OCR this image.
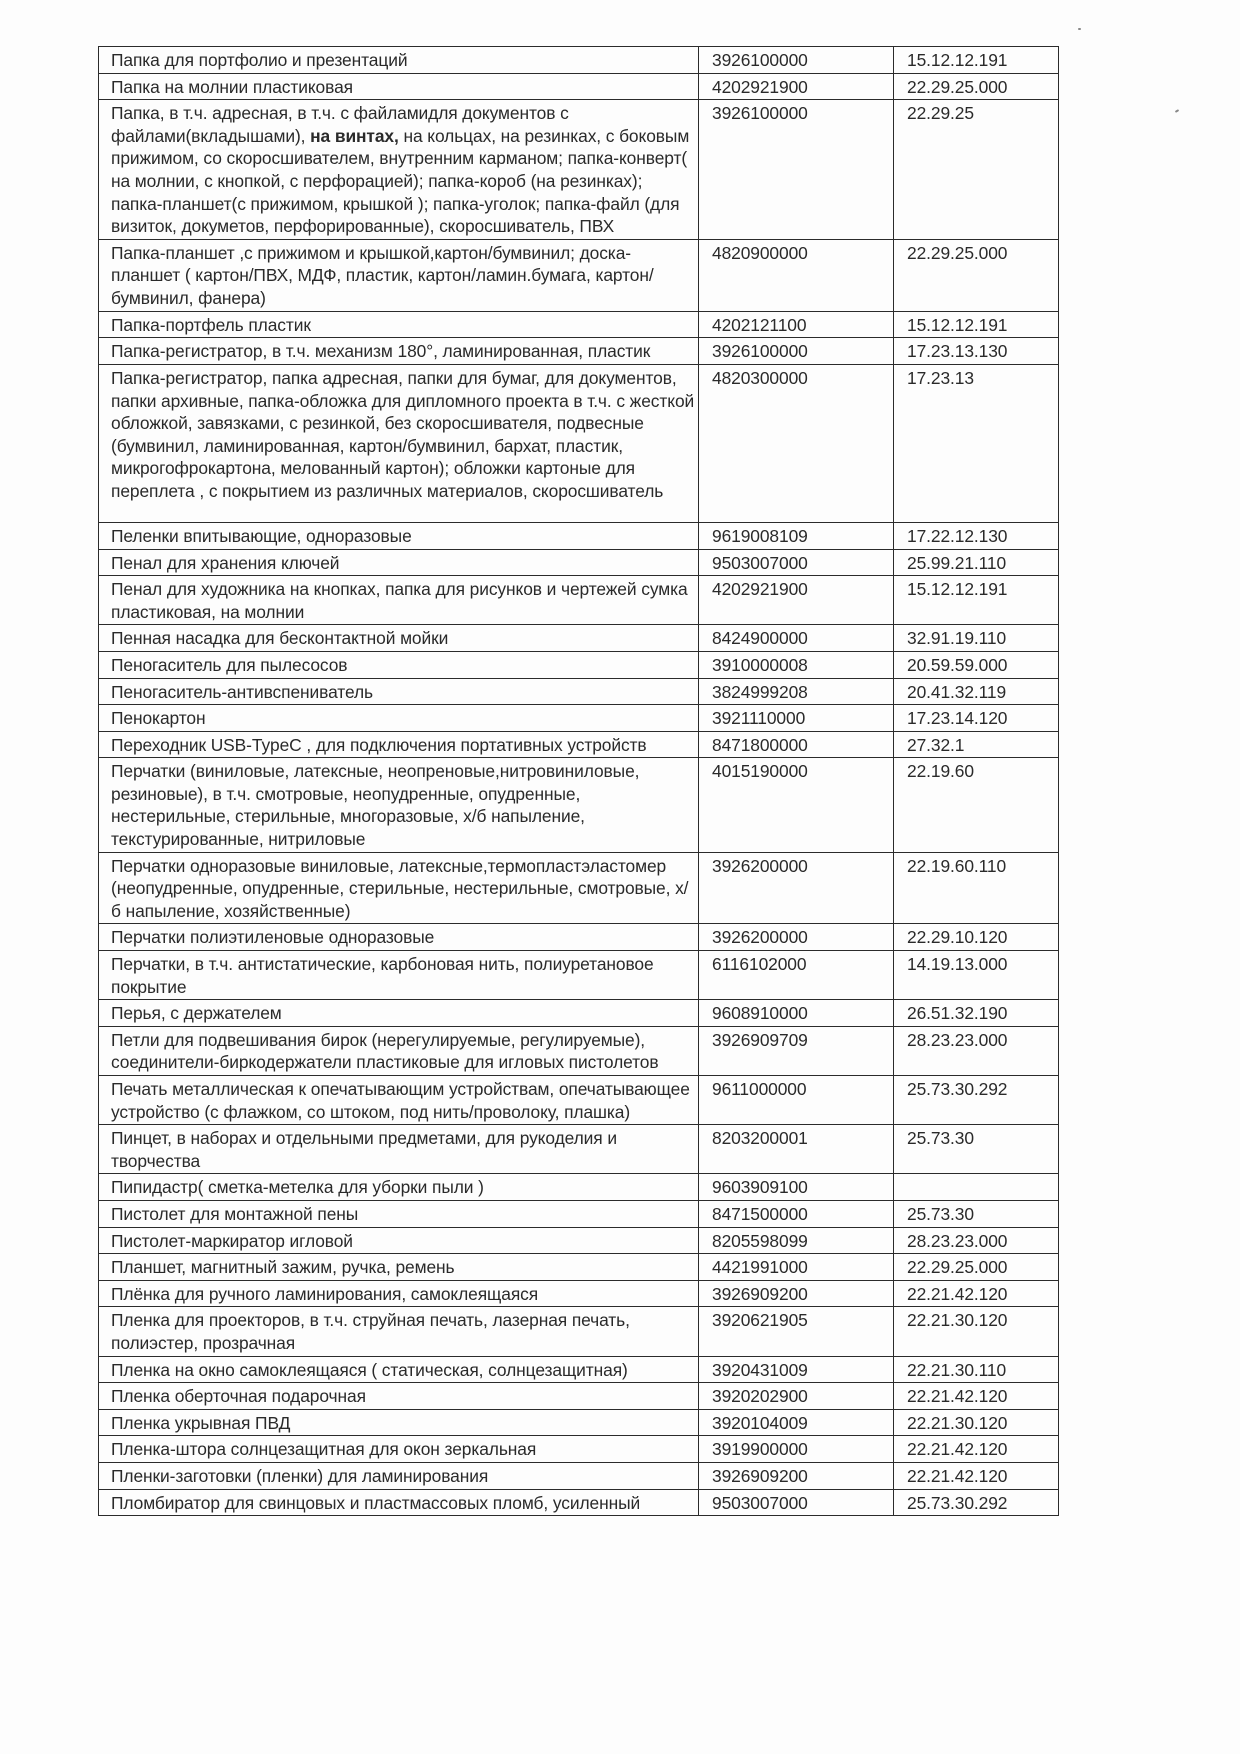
Папка для портфолио и презентаций	3926100000	15.12.12.191
Папка на молнии пластиковая	4202921900	22.29.25.000
Папка, в т.ч. адресная, в т.ч. с файламидля документов с файлами(вкладышами), на винтах, на кольцах, на резинках, с боковым прижимом, со скоросшивателем, внутренним карманом; папка-конверт( на молнии, с кнопкой, с перфорацией); папка-короб (на резинках); папка-планшет(с прижимом, крышкой ); папка-уголок; папка-файл (для визиток, докуметов, перфорированные), скоросшиватель, ПВХ	3926100000	22.29.25
Папка-планшет ,с прижимом и крышкой,картон/бумвинил; доска-планшет ( картон/ПВХ, МДФ, пластик, картон/ламин.бумага, картон/бумвинил, фанера)	4820900000	22.29.25.000
Папка-портфель пластик	4202121100	15.12.12.191
Папка-регистратор, в т.ч. механизм 180°, ламинированная, пластик	3926100000	17.23.13.130
Папка-регистратор, папка адресная, папки для бумаг, для документов, папки архивные, папка-обложка для дипломного проекта в т.ч. с жесткой обложкой, завязками, с резинкой, без скоросшивателя, подвесные (бумвинил, ламинированная, картон/бумвинил, бархат, пластик, микрогофрокартона, мелованный картон); обложки картоные для переплета , с покрытием из различных материалов, скоросшиватель	4820300000	17.23.13
Пеленки впитывающие, одноразовые	9619008109	17.22.12.130
Пенал для хранения ключей	9503007000	25.99.21.110
Пенал для художника на кнопках, папка для рисунков и чертежей сумка пластиковая, на молнии	4202921900	15.12.12.191
Пенная насадка для бесконтактной мойки	8424900000	32.91.19.110
Пеногаситель для пылесосов	3910000008	20.59.59.000
Пеногаситель-антивспениватель	3824999208	20.41.32.119
Пенокартон	3921110000	17.23.14.120
Переходник USB-TypeC , для подключения портативных устройств	8471800000	27.32.1
Перчатки (виниловые, латексные, неопреновые,нитровиниловые, резиновые), в т.ч. смотровые, неопудренные, опудренные, нестерильные, стерильные, многоразовые, х/б напыление, текстурированные, нитриловые	4015190000	22.19.60
Перчатки одноразовые виниловые, латексные,термопластэластомер (неопудренные, опудренные, стерильные, нестерильные, смотровые, х/б напыление, хозяйственные)	3926200000	22.19.60.110
Перчатки полиэтиленовые одноразовые	3926200000	22.29.10.120
Перчатки, в т.ч. антистатические, карбоновая нить, полиуретановое покрытие	6116102000	14.19.13.000
Перья, с держателем	9608910000	26.51.32.190
Петли для подвешивания бирок (нерегулируемые, регулируемые), соединители-биркодержатели пластиковые для игловых пистолетов	3926909709	28.23.23.000
Печать металлическая к опечатывающим устройствам, опечатывающее устройство (с флажком, со штоком, под нить/проволоку, плашка)	9611000000	25.73.30.292
Пинцет, в наборах и отдельными предметами, для рукоделия и творчества	8203200001	25.73.30
Пипидастр( сметка-метелка для уборки пыли )	9603909100	
Пистолет для монтажной пены	8471500000	25.73.30
Пистолет-маркиратор игловой	8205598099	28.23.23.000
Планшет, магнитный зажим, ручка, ремень	4421991000	22.29.25.000
Плёнка для ручного ламинирования, самоклеящаяся	3926909200	22.21.42.120
Пленка для проекторов, в т.ч. струйная печать, лазерная печать, полиэстер, прозрачная	3920621905	22.21.30.120
Пленка на окно самоклеящаяся ( статическая, солнцезащитная)	3920431009	22.21.30.110
Пленка оберточная подарочная	3920202900	22.21.42.120
Пленка укрывная ПВД	3920104009	22.21.30.120
Пленка-штора солнцезащитная для окон зеркальная	3919900000	22.21.42.120
Пленки-заготовки (пленки) для ламинирования	3926909200	22.21.42.120
Пломбиратор для свинцовых и пластмассовых пломб, усиленный	9503007000	25.73.30.292
